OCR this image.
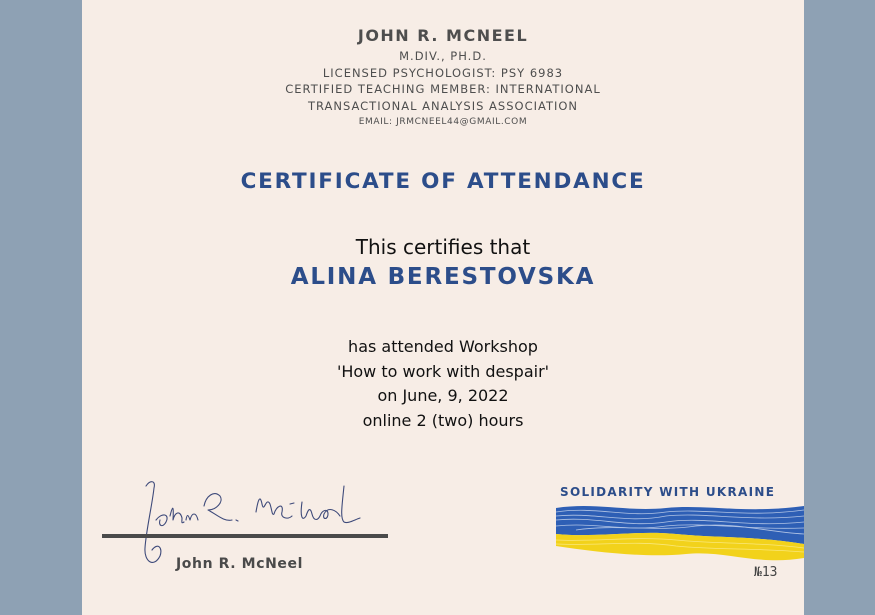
JOHN R. MCNEEL
M.DIV., PH.D.
LICENSED PSYCHOLOGIST: PSY 6983
CERTIFIED TEACHING MEMBER: INTERNATIONAL
TRANSACTIONAL ANALYSIS ASSOCIATION
EMAIL: JRMCNEEL44@GMAIL.COM
CERTIFICATE OF ATTENDANCE
This certifies that
ALINA BERESTOVSKA
has attended Workshop
'How to work with despair'
on June, 9, 2022
online 2 (two) hours
John R. McNeel
SOLIDARITY WITH UKRAINE
№13
